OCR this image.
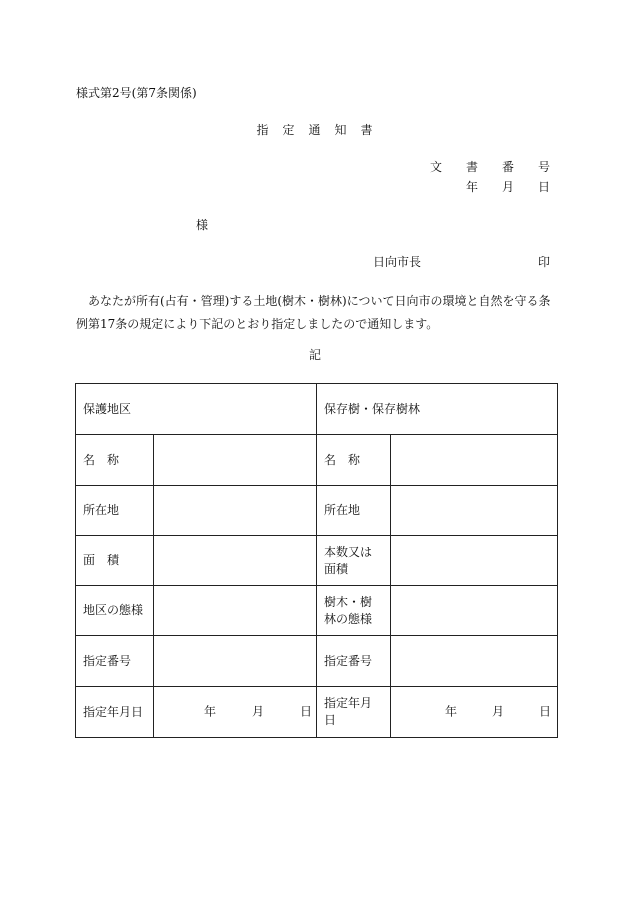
様式第2号(第7条関係)
指　定　通　知　書
文　　書　　番　　号
年　　月　　日
様
日向市長	印
あなたが所有(占有・管理)する土地(樹木・樹林)について日向市の環境と自然を守る条
例第17条の規定により下記のとおり指定しましたので通知します。
記
保護地区		保存樹・保存樹林	
名　称		名　称	
所在地		所在地	
面　積		本数又は面積	
地区の態様		樹木・樹林の態様	
指定番号		指定番号	
指定年月日	年 月 日	指定年月日	年 月 日
